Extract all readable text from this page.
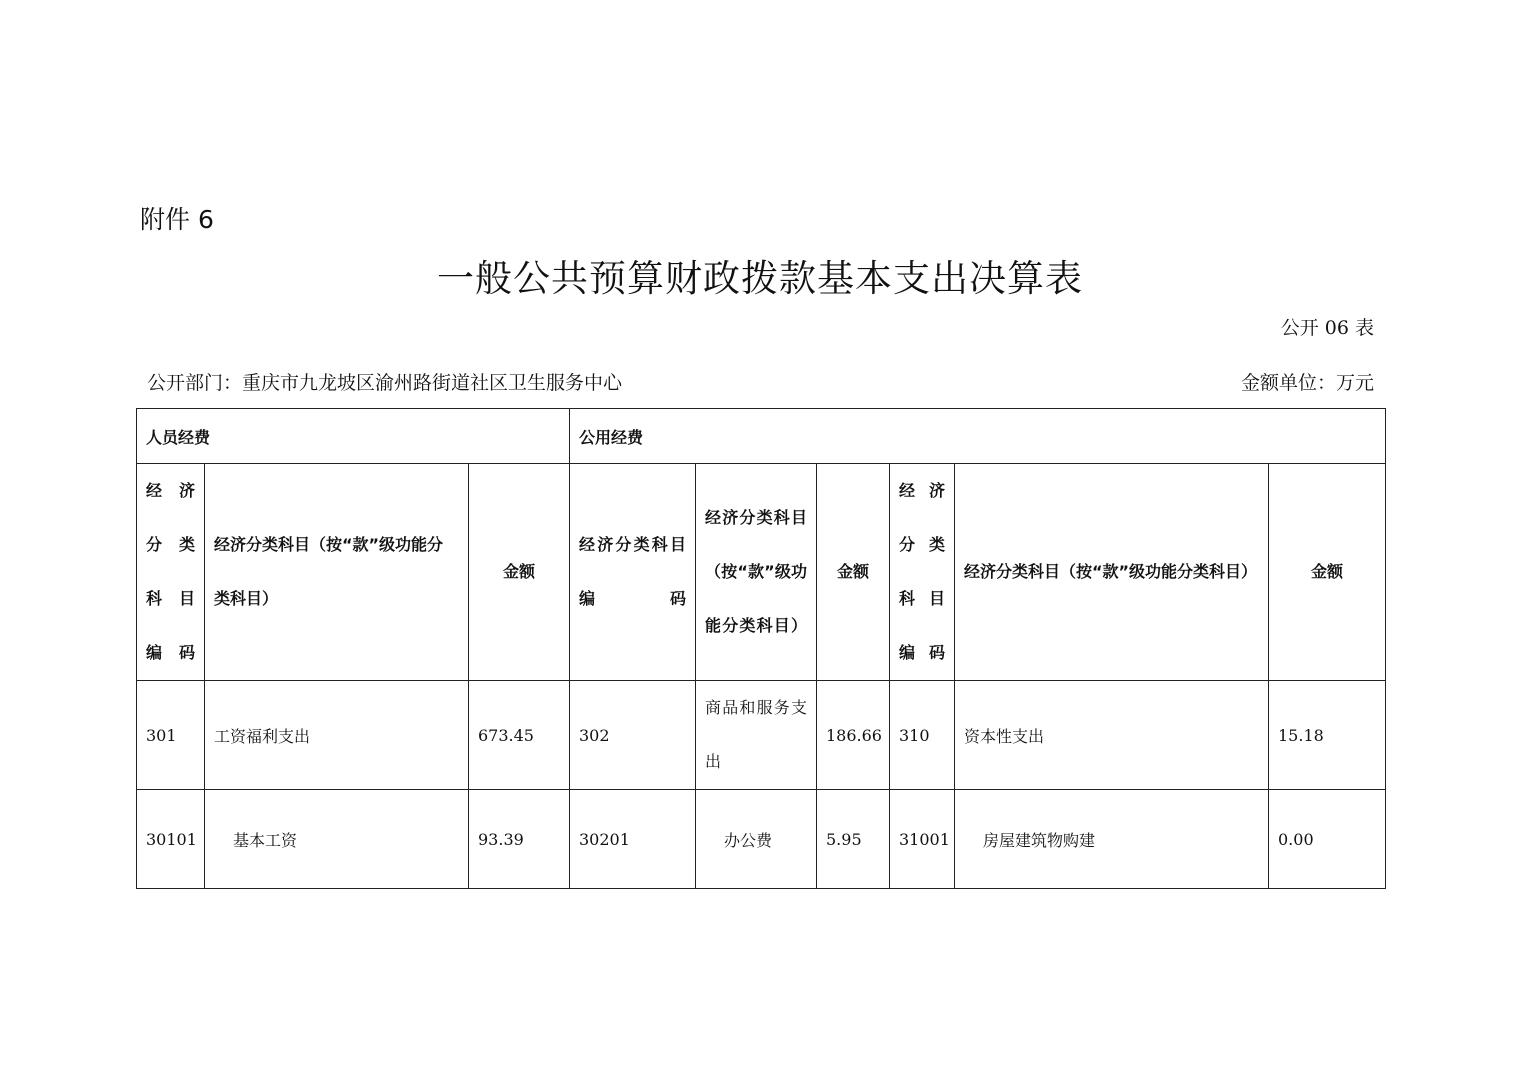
附件 6
一般公共预算财政拨款基本支出决算表
公开 06 表
公开部门：重庆市九龙坡区渝州路街道社区卫生服务中心	金额单位：万元
人员经费			公用经费					
经 济 分 类 科 目 编码	经济分类科目（按“款”级功能分类科目）	金额	经济分类科目编码	经济分类科目（按“款”级功能分类科目）	金额	经 济 分 类 科 目 编码	经济分类科目（按“款”级功能分类科目）	金额
301	工资福利支出	673.45	302	商品和服务支出	186.66	310	资本性支出	15.18
30101	基本工资	93.39	30201	办公费	5.95	31001	房屋建筑物购建	0.00
